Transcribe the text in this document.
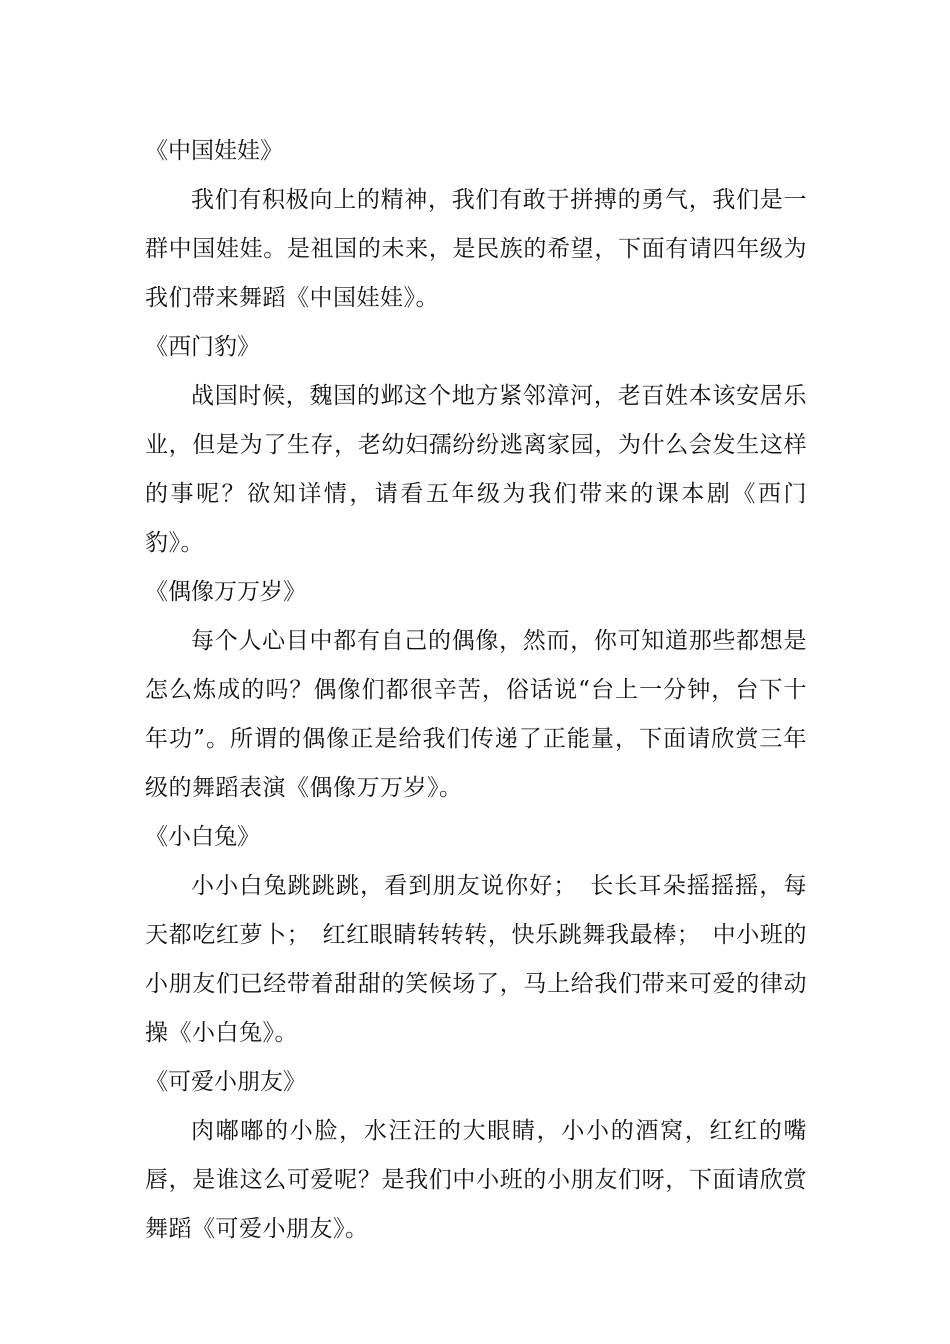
《中国娃娃》

我们有积极向上的精神，我们有敢于拼搏的勇气，我们是一群中国娃娃。是祖国的未来，是民族的希望，下面有请四年级为我们带来舞蹈《中国娃娃》。

《西门豹》

战国时候，魏国的邺这个地方紧邻漳河，老百姓本该安居乐业，但是为了生存，老幼妇孺纷纷逃离家园，为什么会发生这样的事呢？欲知详情，请看五年级为我们带来的课本剧《西门豹》。

《偶像万万岁》

每个人心目中都有自己的偶像，然而，你可知道那些都想是怎么炼成的吗？偶像们都很辛苦，俗话说“台上一分钟，台下十年功”。所谓的偶像正是给我们传递了正能量，下面请欣赏三年级的舞蹈表演《偶像万万岁》。

《小白兔》

小小白兔跳跳跳，看到朋友说你好；　长长耳朵摇摇摇，每天都吃红萝卜；　红红眼睛转转转，快乐跳舞我最棒；　中小班的小朋友们已经带着甜甜的笑候场了，马上给我们带来可爱的律动操《小白兔》。

《可爱小朋友》

肉嘟嘟的小脸，水汪汪的大眼睛，小小的酒窝，红红的嘴唇，是谁这么可爱呢？是我们中小班的小朋友们呀，下面请欣赏舞蹈《可爱小朋友》。
